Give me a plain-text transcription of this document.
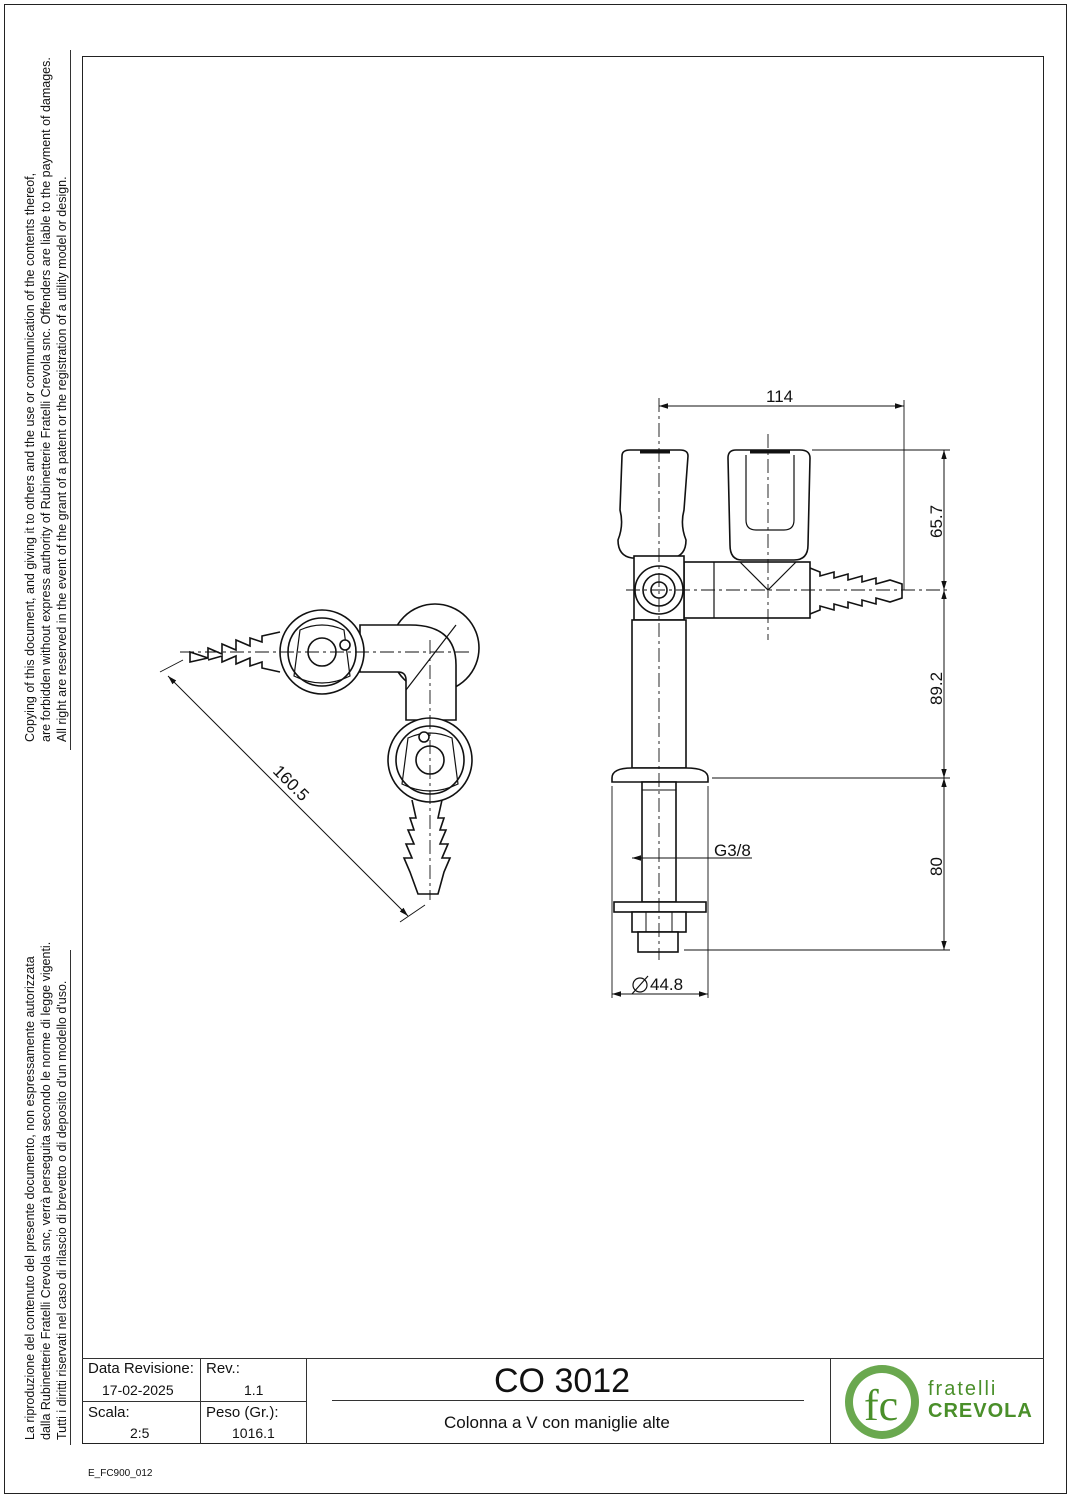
Copying of this document, and giving it to others and the use or communication of the contents thereof, are forbidden without express authority of Rubinetterie Fratelli Crevola snc. Offenders are liable to the payment of damages. All right are reserved in the event of the grant of a patent or the registration of a utility model or design.
La riproduzione del contenuto del presente documento, non espressamente autorizzata dalla Rubinetterie Fratelli Crevola snc, verrà perseguita secondo le norme di legge vigenti. Tutti i diritti riservati nel caso di rilascio di brevetto o di deposito d'un modello d'uso.
160.5
114
65.7
89.2
80
G3/8
44.8
Data Revisione:
17-02-2025
Rev.:
1.1
Scala:
2:5
Peso (Gr.):
1016.1
CO 3012
Colonna a V con maniglie alte	fc fratelli
CREVOLA
E_FC900_012
